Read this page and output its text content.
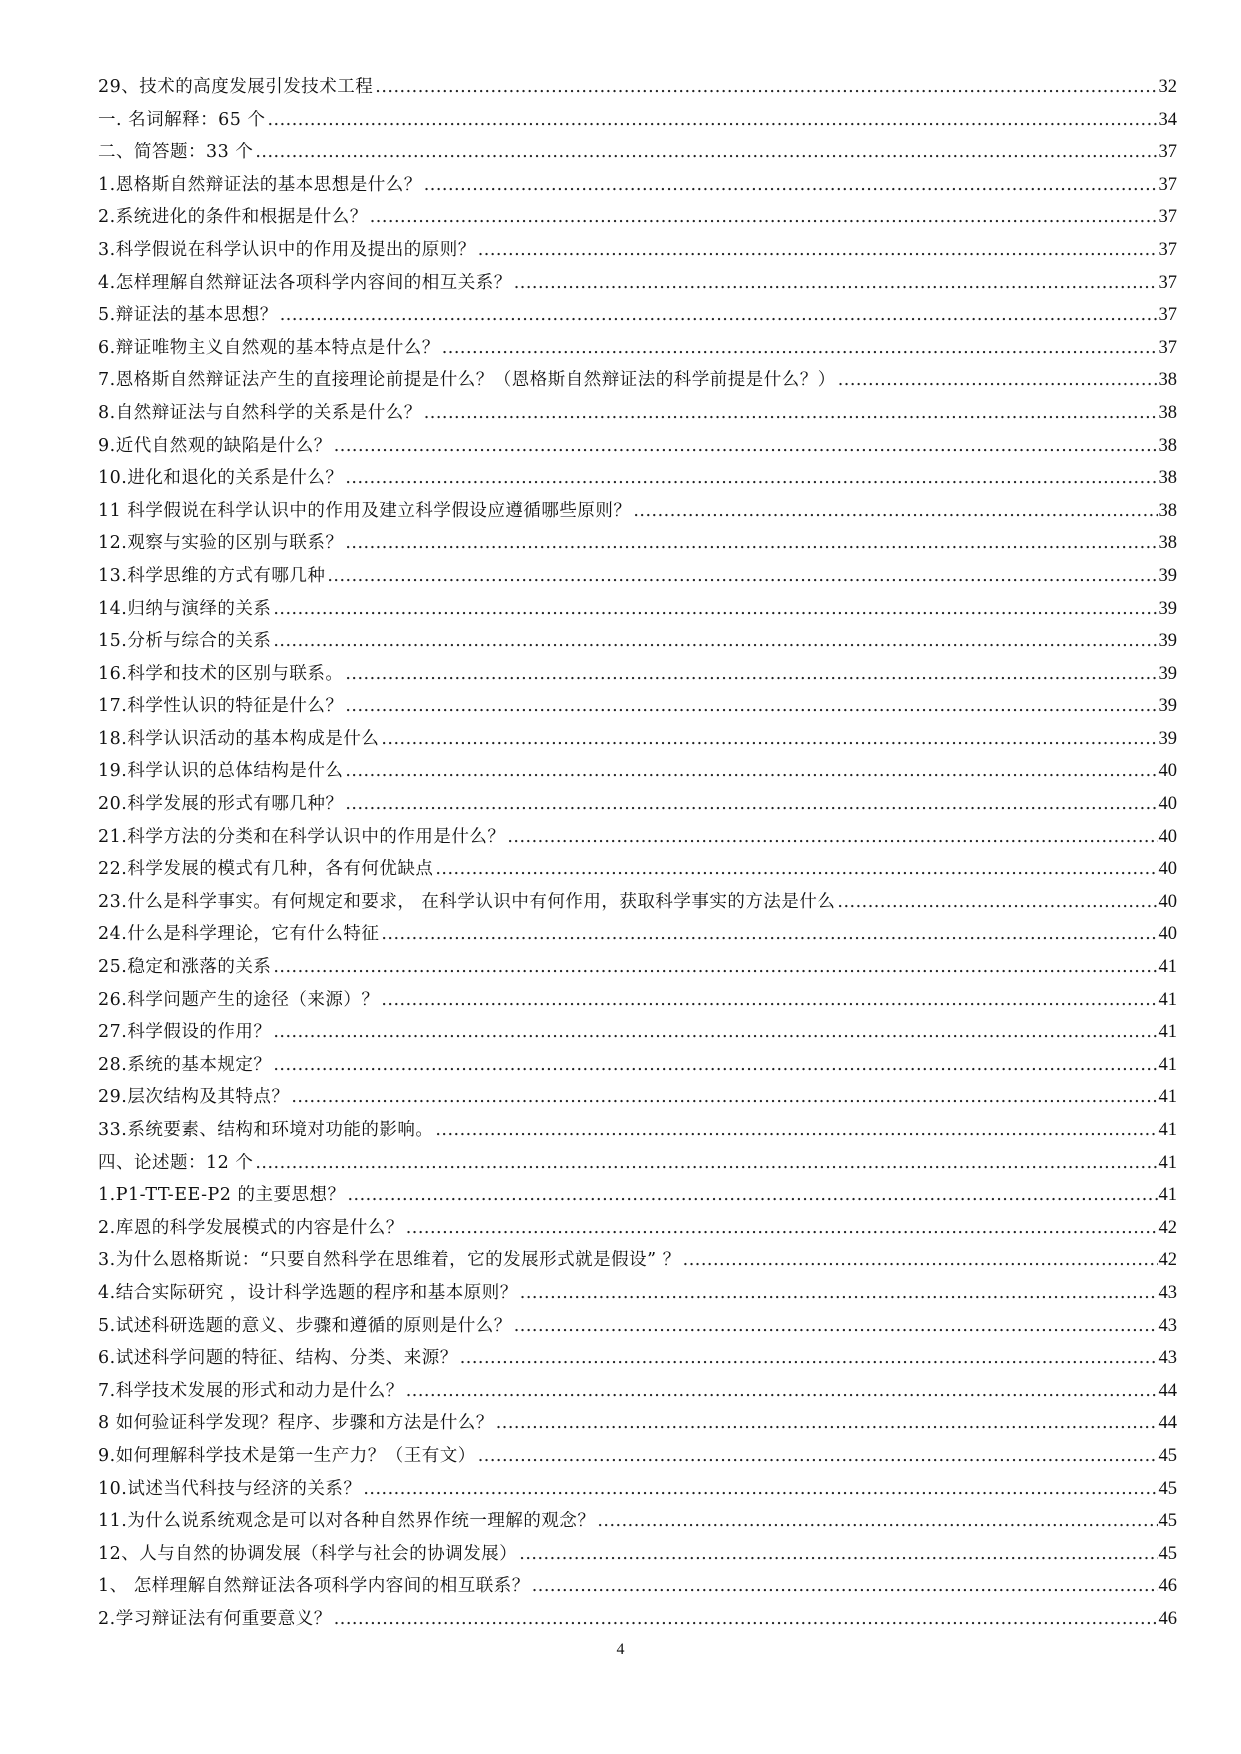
29、技术的高度发展引发技术工程 .....	32
一. 名词解释：65 个 .....	34
二、简答题：33 个 .....	37
1.恩格斯自然辩证法的基本思想是什么？ .....	37
2.系统进化的条件和根据是什么？ .....	37
3.科学假说在科学认识中的作用及提出的原则？ .....	37
4.怎样理解自然辩证法各项科学内容间的相互关系？ .....	37
5.辩证法的基本思想？ .....	37
6.辩证唯物主义自然观的基本特点是什么？ .....	37
7.恩格斯自然辩证法产生的直接理论前提是什么？（恩格斯自然辩证法的科学前提是什么？） .....	38
8.自然辩证法与自然科学的关系是什么？ .....	38
9.近代自然观的缺陷是什么？ .....	38
10.进化和退化的关系是什么？ .....	38
11 科学假说在科学认识中的作用及建立科学假设应遵循哪些原则？ .....	38
12.观察与实验的区别与联系？ .....	38
13.科学思维的方式有哪几种 .....	39
14.归纳与演绎的关系 .....	39
15.分析与综合的关系 .....	39
16.科学和技术的区别与联系。 .....	39
17.科学性认识的特征是什么？ .....	39
18.科学认识活动的基本构成是什么 .....	39
19.科学认识的总体结构是什么 .....	40
20.科学发展的形式有哪几种？ .....	40
21.科学方法的分类和在科学认识中的作用是什么？ .....	40
22.科学发展的模式有几种，各有何优缺点 .....	40
23.什么是科学事实。有何规定和要求， 在科学认识中有何作用，获取科学事实的方法是什么 .....	40
24.什么是科学理论，它有什么特征 .....	40
25.稳定和涨落的关系 .....	41
26.科学问题产生的途径（来源）？ .....	41
27.科学假设的作用？ .....	41
28.系统的基本规定？ .....	41
29.层次结构及其特点？ .....	41
33.系统要素、结构和环境对功能的影响。 .....	41
四、论述题：12 个 .....	41
1.P1-TT-EE-P2 的主要思想？ .....	41
2.库恩的科学发展模式的内容是什么？ .....	42
3.为什么恩格斯说：“只要自然科学在思维着，它的发展形式就是假设” ？ .....	42
4.结合实际研究 ，设计科学选题的程序和基本原则？ .....	43
5.试述科研选题的意义、步骤和遵循的原则是什么？ .....	43
6.试述科学问题的特征、结构、分类、来源？ .....	43
7.科学技术发展的形式和动力是什么？ .....	44
8 如何验证科学发现？程序、步骤和方法是什么？ .....	44
9.如何理解科学技术是第一生产力？（王有文） .....	45
10.试述当代科技与经济的关系？ .....	45
11.为什么说系统观念是可以对各种自然界作统一理解的观念？ .....	45
12、人与自然的协调发展（科学与社会的协调发展） .....	45
1、 怎样理解自然辩证法各项科学内容间的相互联系？ .....	46
2.学习辩证法有何重要意义？ .....	46
4
